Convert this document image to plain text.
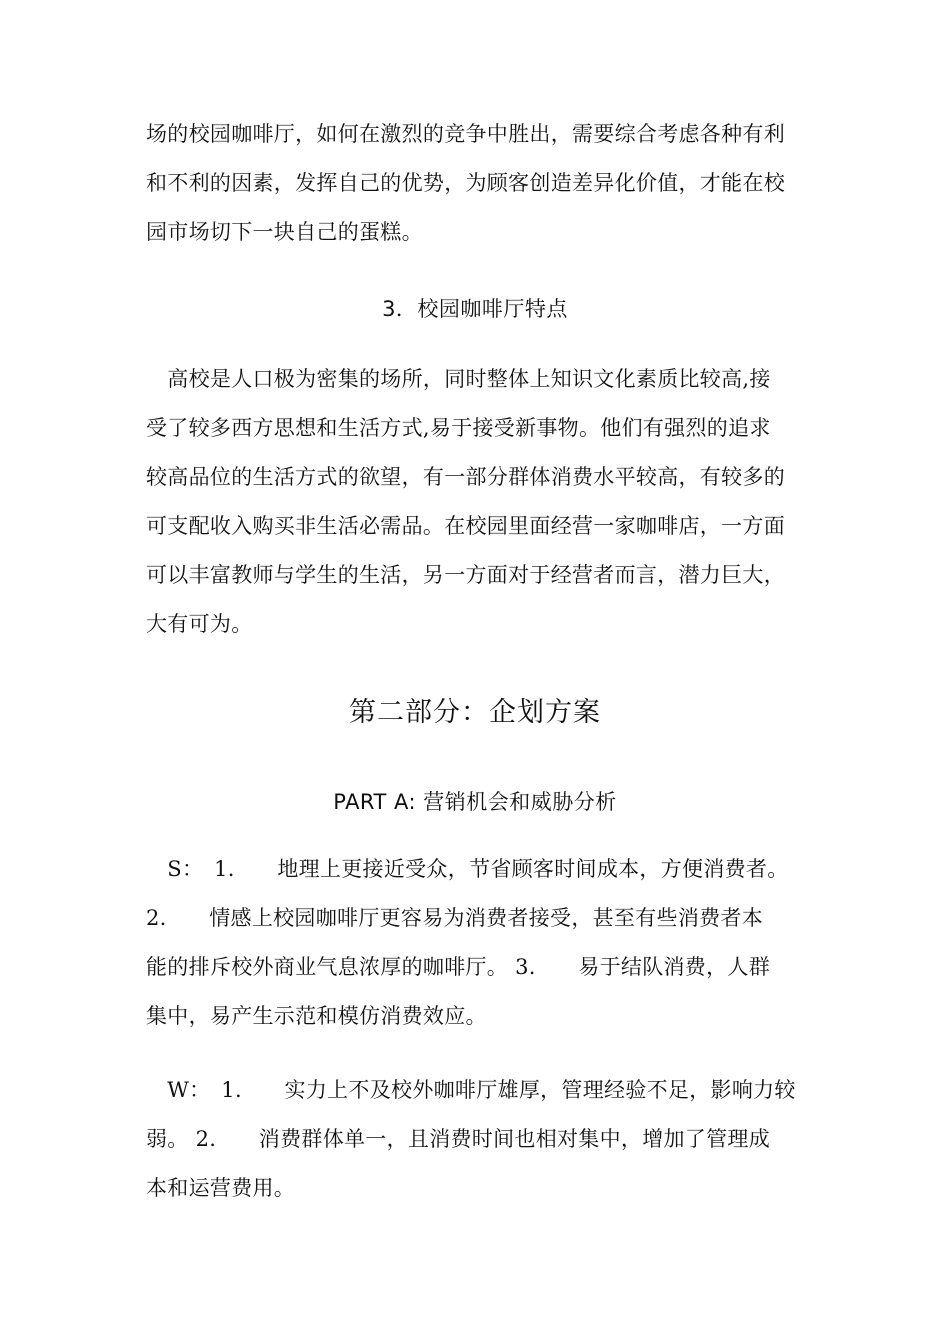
场的校园咖啡厅，如何在激烈的竞争中胜出，需要综合考虑各种有利
和不利的因素，发挥自己的优势，为顾客创造差异化价值，才能在校
园市场切下一块自己的蛋糕。
3．校园咖啡厅特点
　高校是人口极为密集的场所，同时整体上知识文化素质比较高,接
受了较多西方思想和生活方式,易于接受新事物。他们有强烈的追求
较高品位的生活方式的欲望，有一部分群体消费水平较高，有较多的
可支配收入购买非生活必需品。在校园里面经营一家咖啡店，一方面
可以丰富教师与学生的生活，另一方面对于经营者而言，潜力巨大，
大有可为。
第二部分：企划方案
PART A: 营销机会和威胁分析
　S：　1.　　地理上更接近受众，节省顾客时间成本，方便消费者。
2.　　情感上校园咖啡厅更容易为消费者接受，甚至有些消费者本
能的排斥校外商业气息浓厚的咖啡厅。 3.　　易于结队消费，人群
集中，易产生示范和模仿消费效应。
　W：　1.　　实力上不及校外咖啡厅雄厚，管理经验不足，影响力较
弱。 2.　　消费群体单一，且消费时间也相对集中，增加了管理成
本和运营费用。
